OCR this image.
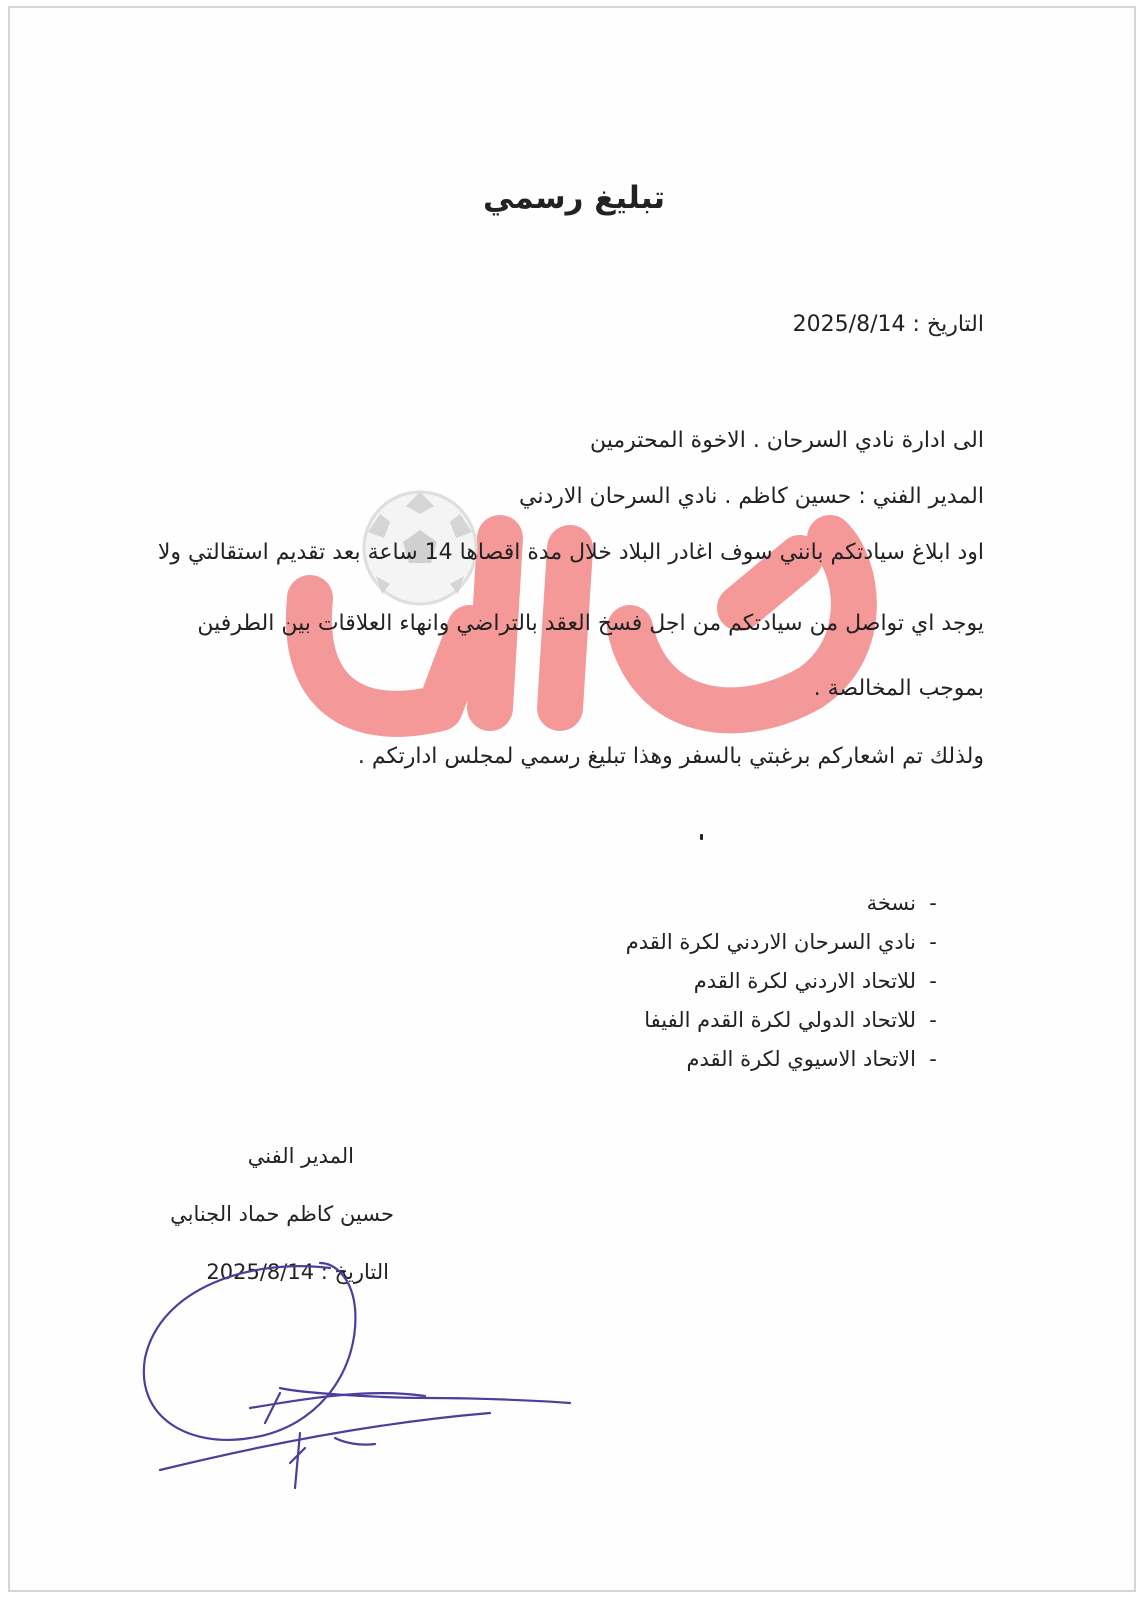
تبليغ رسمي
التاريخ : 2025/8/14
الى ادارة نادي السرحان . الاخوة المحترمين
المدير الفني : حسين كاظم . نادي السرحان الاردني
اود ابلاغ سيادتكم بانني سوف اغادر البلاد خلال مدة اقصاها 14 ساعة بعد تقديم استقالتي ولا
يوجد اي تواصل من سيادتكم من اجل فسخ العقد بالتراضي وانهاء العلاقات بين الطرفين
بموجب المخالصة .
ولذلك تم اشعاركم برغبتي بالسفر وهذا تبليغ رسمي لمجلس ادارتكم .
-نسخة
-نادي السرحان الاردني لكرة القدم
-للاتحاد الاردني لكرة القدم
-للاتحاد الدولي لكرة القدم الفيفا
-الاتحاد الاسيوي لكرة القدم
المدير الفني
حسين كاظم حماد الجنابي
التاريخ : 2025/8/14
